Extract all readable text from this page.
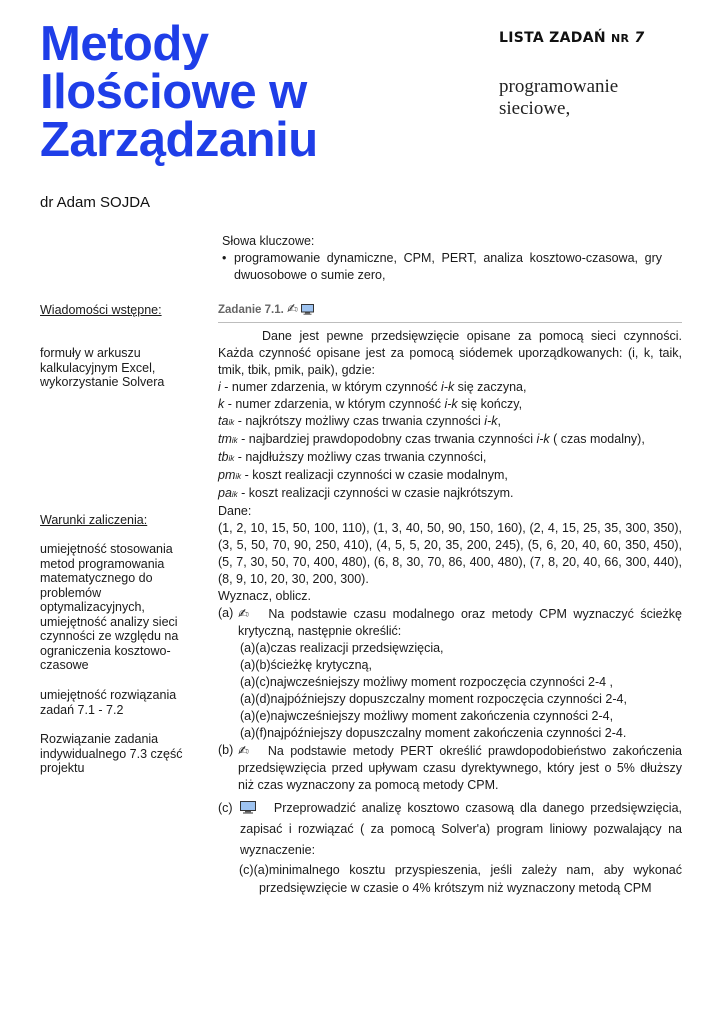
Metody
Ilościowe w
Zarządzaniu
LISTA ZADAŃ NR 7
programowanie
sieciowe,
dr Adam SOJDA
Słowa kluczowe:
• programowanie dynamiczne, CPM, PERT, analiza kosztowo-czasowa, gry dwuosobowe o sumie zero,
Wiadomości wstępne:
formuły w arkuszu kalkulacyjnym Excel, wykorzystanie Solvera
Warunki zaliczenia:
umiejętność stosowania metod programowania matematycznego do problemów optymalizacyjnych, umiejętność analizy sieci czynności ze względu na ograniczenia kosztowo-czasowe
umiejętność rozwiązania zadań 7.1 - 7.2
Rozwiązanie zadania indywidualnego 7.3 część projektu
Zadanie 7.1. ✍
Dane jest pewne przedsięwzięcie opisane za pomocą sieci czynności. Każda czynność opisane jest za pomocą siódemek uporządkowanych: (i, k, taik, tmik, tbik, pmik, paik), gdzie:
i - numer zdarzenia, w którym czynność i-k się zaczyna,
k - numer zdarzenia, w którym czynność i-k się kończy,
taik - najkrótszy możliwy czas trwania czynności i-k,
tmik - najbardziej prawdopodobny czas trwania czynności i-k ( czas modalny),
tbik - najdłuższy możliwy czas trwania czynności,
pmik - koszt realizacji czynności w czasie modalnym,
paik - koszt realizacji czynności w czasie najkrótszym.
Dane:
(1, 2, 10, 15, 50, 100, 110), (1, 3, 40, 50, 90, 150, 160), (2, 4, 15, 25, 35, 300, 350), (3, 5, 50, 70, 90, 250, 410), (4, 5, 5, 20, 35, 200, 245), (5, 6, 20, 40, 60, 350, 450), (5, 7, 30, 50, 70, 400, 480), (6, 8, 30, 70, 86, 400, 480), (7, 8, 20, 40, 66, 300, 440), (8, 9, 10, 20, 30, 200, 300).
Wyznacz, oblicz.
(a) ✍ Na podstawie czasu modalnego oraz metody CPM wyznaczyć ścieżkę krytyczną, następnie określić:
(a)(a)czas realizacji przedsięwzięcia,
(a)(b)ścieżkę krytyczną,
(a)(c)najwcześniejszy możliwy moment rozpoczęcia czynności 2-4 ,
(a)(d)najpóźniejszy dopuszczalny moment rozpoczęcia czynności 2-4,
(a)(e)najwcześniejszy możliwy moment zakończenia czynności 2-4,
(a)(f)najpóźniejszy dopuszczalny moment zakończenia czynności 2-4.
(b) ✍ Na podstawie metody PERT określić prawdopodobieństwo zakończenia przedsięwzięcia przed upływam czasu dyrektywnego, który jest o 5% dłuższy niż czas wyznaczony za pomocą metody CPM.
(c)	Przeprowadzić analizę kosztowo czasową dla danego przedsięwzięcia, zapisać i rozwiązać ( za pomocą Solver'a) program liniowy pozwalający na wyznaczenie:
(c)(a)minimalnego kosztu przyspieszenia, jeśli zależy nam, aby wykonać przedsięwzięcie w czasie o 4% krótszym niż wyznaczony metodą CPM
